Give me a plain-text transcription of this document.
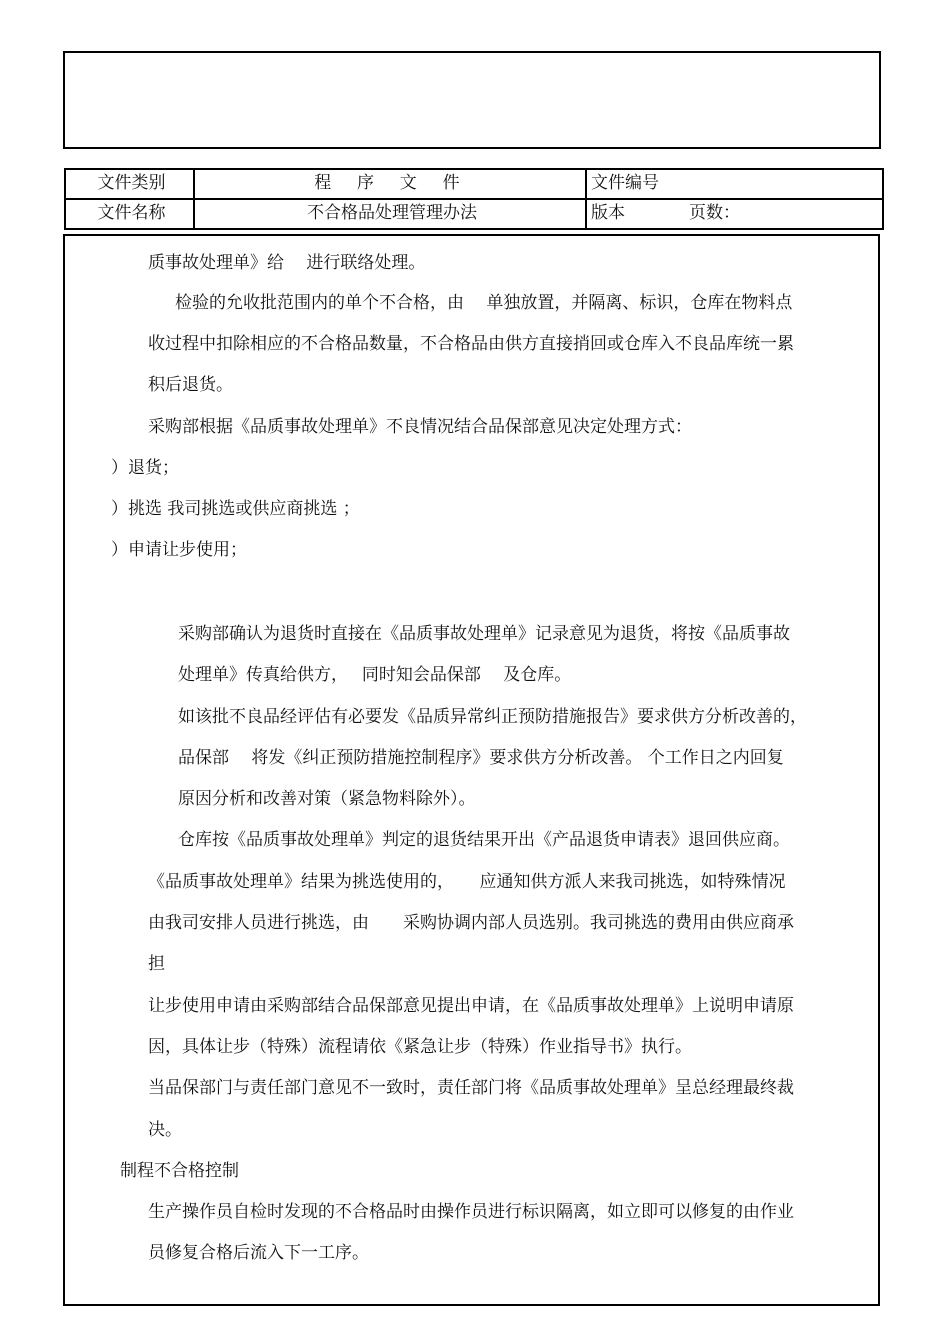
文件类别	程 序 文 件	文件编号
文件名称	不合格品处理管理办法	版本 页数：
质事故处理单》给　 进行联络处理。
检验的允收批范围内的单个不合格，由　 单独放置，并隔离、标识，仓库在物料点
收过程中扣除相应的不合格品数量，不合格品由供方直接捎回或仓库入不良品库统一累
积后退货。
采购部根据《品质事故处理单》不良情况结合品保部意见决定处理方式：
）退货；
）挑选 我司挑选或供应商挑选 ；
）申请让步使用；
采购部确认为退货时直接在《品质事故处理单》记录意见为退货，将按《品质事故
处理单》传真给供方，　 同时知会品保部　 及仓库。
如该批不良品经评估有必要发《品质异常纠正预防措施报告》要求供方分析改善的，
品保部　 将发《纠正预防措施控制程序》要求供方分析改善。 个工作日之内回复
原因分析和改善对策（紧急物料除外）。
仓库按《品质事故处理单》判定的退货结果开出《产品退货申请表》退回供应商。
《品质事故处理单》结果为挑选使用的，　　应通知供方派人来我司挑选，如特殊情况
由我司安排人员进行挑选，由　　采购协调内部人员选别。我司挑选的费用由供应商承
担
让步使用申请由采购部结合品保部意见提出申请，在《品质事故处理单》上说明申请原
因，具体让步（特殊）流程请依《紧急让步（特殊）作业指导书》执行。
当品保部门与责任部门意见不一致时，责任部门将《品质事故处理单》呈总经理最终裁
决。
制程不合格控制
生产操作员自检时发现的不合格品时由操作员进行标识隔离，如立即可以修复的由作业
员修复合格后流入下一工序。
